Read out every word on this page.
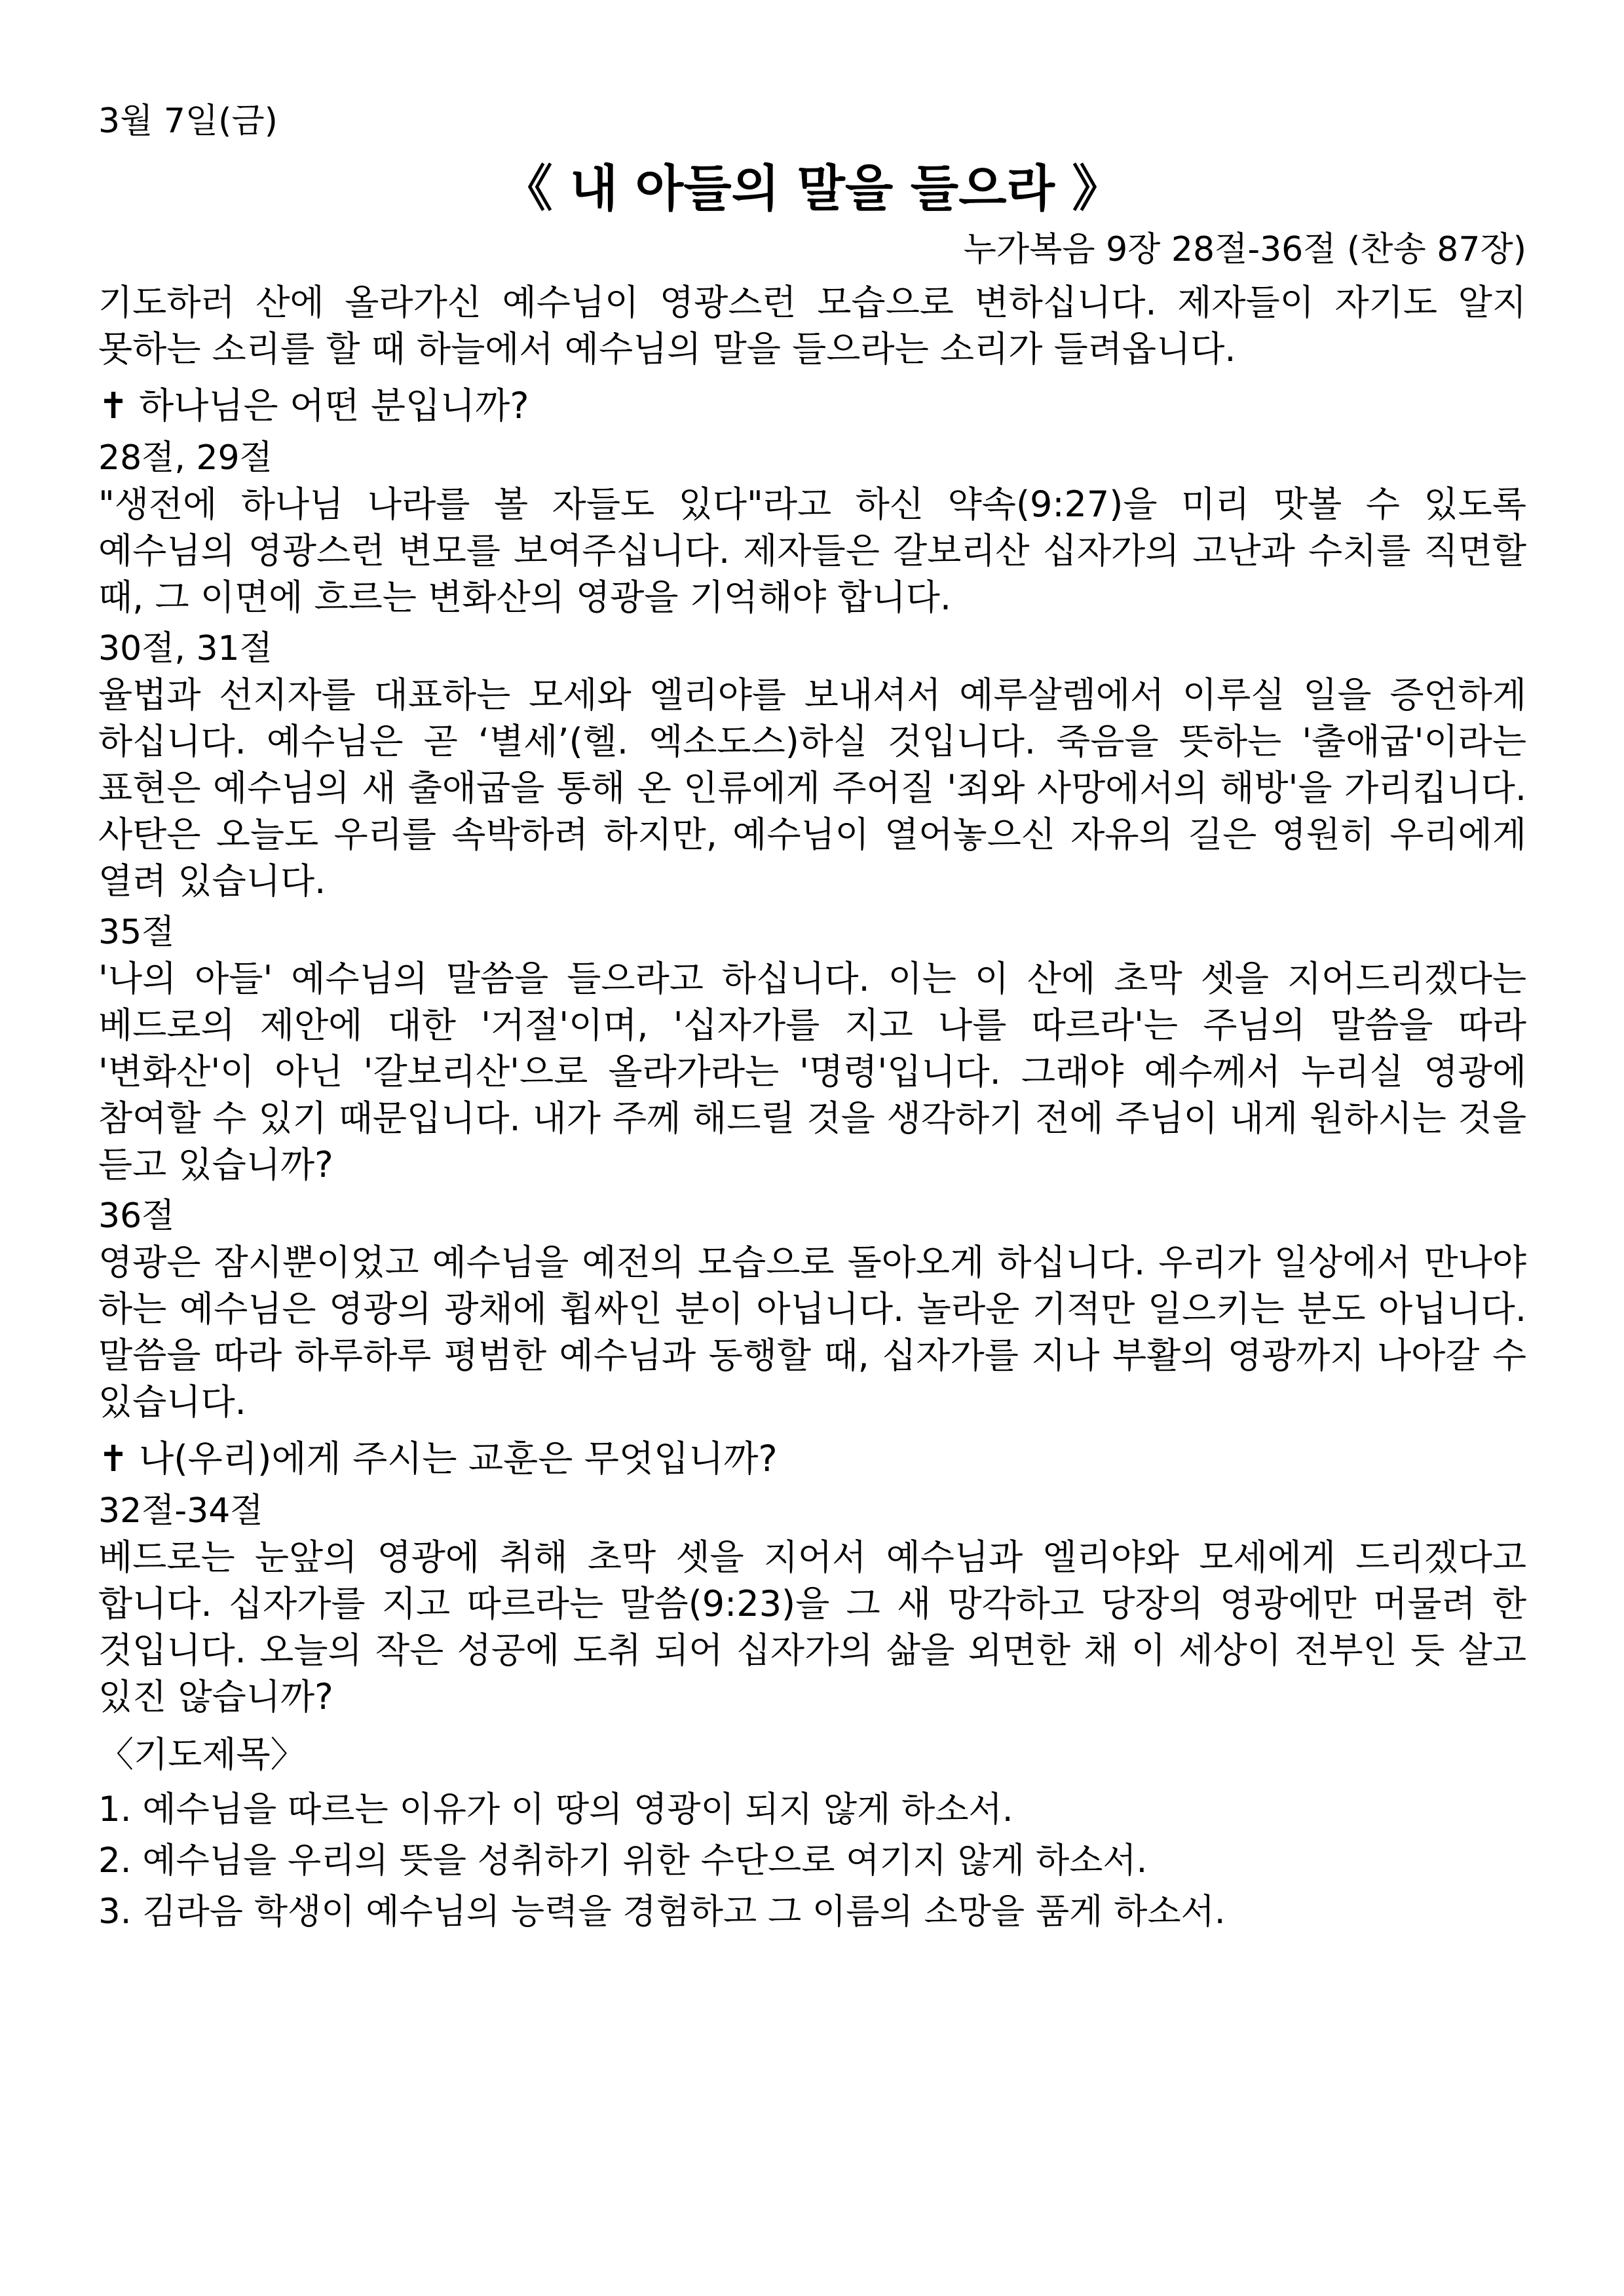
3월 7일(금)
《 내 아들의 말을 들으라 》
누가복음 9장 28절-36절 (찬송 87장)

기도하러 산에 올라가신 예수님이 영광스런 모습으로 변하십니다. 제자들이 자기도 알지 못하는 소리를 할 때 하늘에서 예수님의 말을 들으라는 소리가 들려옵니다.

✝ 하나님은 어떤 분입니까?
28절, 29절

"생전에 하나님 나라를 볼 자들도 있다"라고 하신 약속(9:27)을 미리 맛볼 수 있도록 예수님의 영광스런 변모를 보여주십니다. 제자들은 갈보리산 십자가의 고난과 수치를 직면할 때, 그 이면에 흐르는 변화산의 영광을 기억해야 합니다.

30절, 31절

율법과 선지자를 대표하는 모세와 엘리야를 보내셔서 예루살렘에서 이루실 일을 증언하게 하십니다. 예수님은 곧 ‘별세’(헬. 엑소도스)하실 것입니다. 죽음을 뜻하는 '출애굽'이라는 표현은 예수님의 새 출애굽을 통해 온 인류에게 주어질 '죄와 사망에서의 해방'을 가리킵니다. 사탄은 오늘도 우리를 속박하려 하지만, 예수님이 열어놓으신 자유의 길은 영원히 우리에게 열려 있습니다.

35절

'나의 아들' 예수님의 말씀을 들으라고 하십니다. 이는 이 산에 초막 셋을 지어드리겠다는 베드로의 제안에 대한 '거절'이며, '십자가를 지고 나를 따르라'는 주님의 말씀을 따라 '변화산'이 아닌 '갈보리산'으로 올라가라는 '명령'입니다. 그래야 예수께서 누리실 영광에 참여할 수 있기 때문입니다. 내가 주께 해드릴 것을 생각하기 전에 주님이 내게 원하시는 것을 듣고 있습니까?

36절

영광은 잠시뿐이었고 예수님을 예전의 모습으로 돌아오게 하십니다. 우리가 일상에서 만나야 하는 예수님은 영광의 광채에 휩싸인 분이 아닙니다. 놀라운 기적만 일으키는 분도 아닙니다. 말씀을 따라 하루하루 평범한 예수님과 동행할 때, 십자가를 지나 부활의 영광까지 나아갈 수 있습니다.

✝ 나(우리)에게 주시는 교훈은 무엇입니까?
32절-34절

베드로는 눈앞의 영광에 취해 초막 셋을 지어서 예수님과 엘리야와 모세에게 드리겠다고 합니다. 십자가를 지고 따르라는 말씀(9:23)을 그 새 망각하고 당장의 영광에만 머물려 한 것입니다. 오늘의 작은 성공에 도취 되어 십자가의 삶을 외면한 채 이 세상이 전부인 듯 살고 있진 않습니까?

〈기도제목〉
1. 예수님을 따르는 이유가 이 땅의 영광이 되지 않게 하소서.
2. 예수님을 우리의 뜻을 성취하기 위한 수단으로 여기지 않게 하소서.
3. 김라음 학생이 예수님의 능력을 경험하고 그 이름의 소망을 품게 하소서.
